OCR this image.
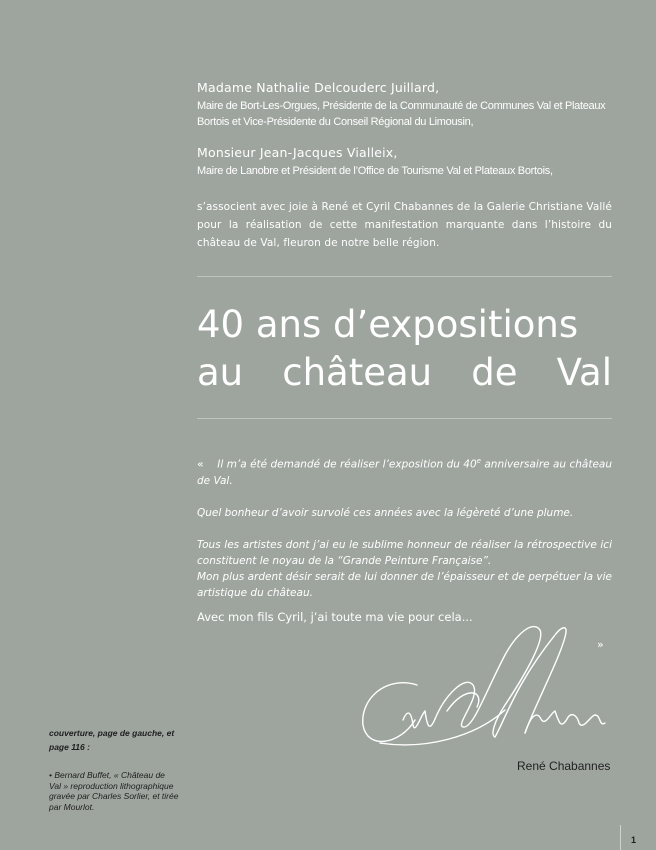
Madame Nathalie Delcouderc Juillard,
Maire de Bort-Les-Orgues, Présidente de la Communauté de Communes Val et Plateaux Bortois et Vice-Présidente du Conseil Régional du Limousin,
Monsieur Jean-Jacques Vialleix,
Maire de Lanobre et Président de l’Office de Tourisme Val et Plateaux Bortois,
s’associent avec joie à René et Cyril Chabannes de la Galerie Christiane Vallé pour la réalisation de cette manifestation marquante dans l’histoire du château de Val, fleuron de notre belle région.
40 ans d’expositions
au château de Val

« Il m’a été demandé de réaliser l’exposition du 40e anniversaire au château de Val.

Quel bonheur d’avoir survolé ces années avec la légèreté d’une plume.

Tous les artistes dont j’ai eu le sublime honneur de réaliser la rétrospective ici constituent le noyau de la “Grande Peinture Française”.

Mon plus ardent désir serait de lui donner de l’épaisseur et de perpétuer la vie artistique du château.

Avec mon fils Cyril, j’ai toute ma vie pour cela...
»
René Chabannes
couverture, page de gauche, et page 116 :
• Bernard Buffet, « Château de Val » reproduction lithographique gravée par Charles Sorlier, et tirée par Mourlot.
1
